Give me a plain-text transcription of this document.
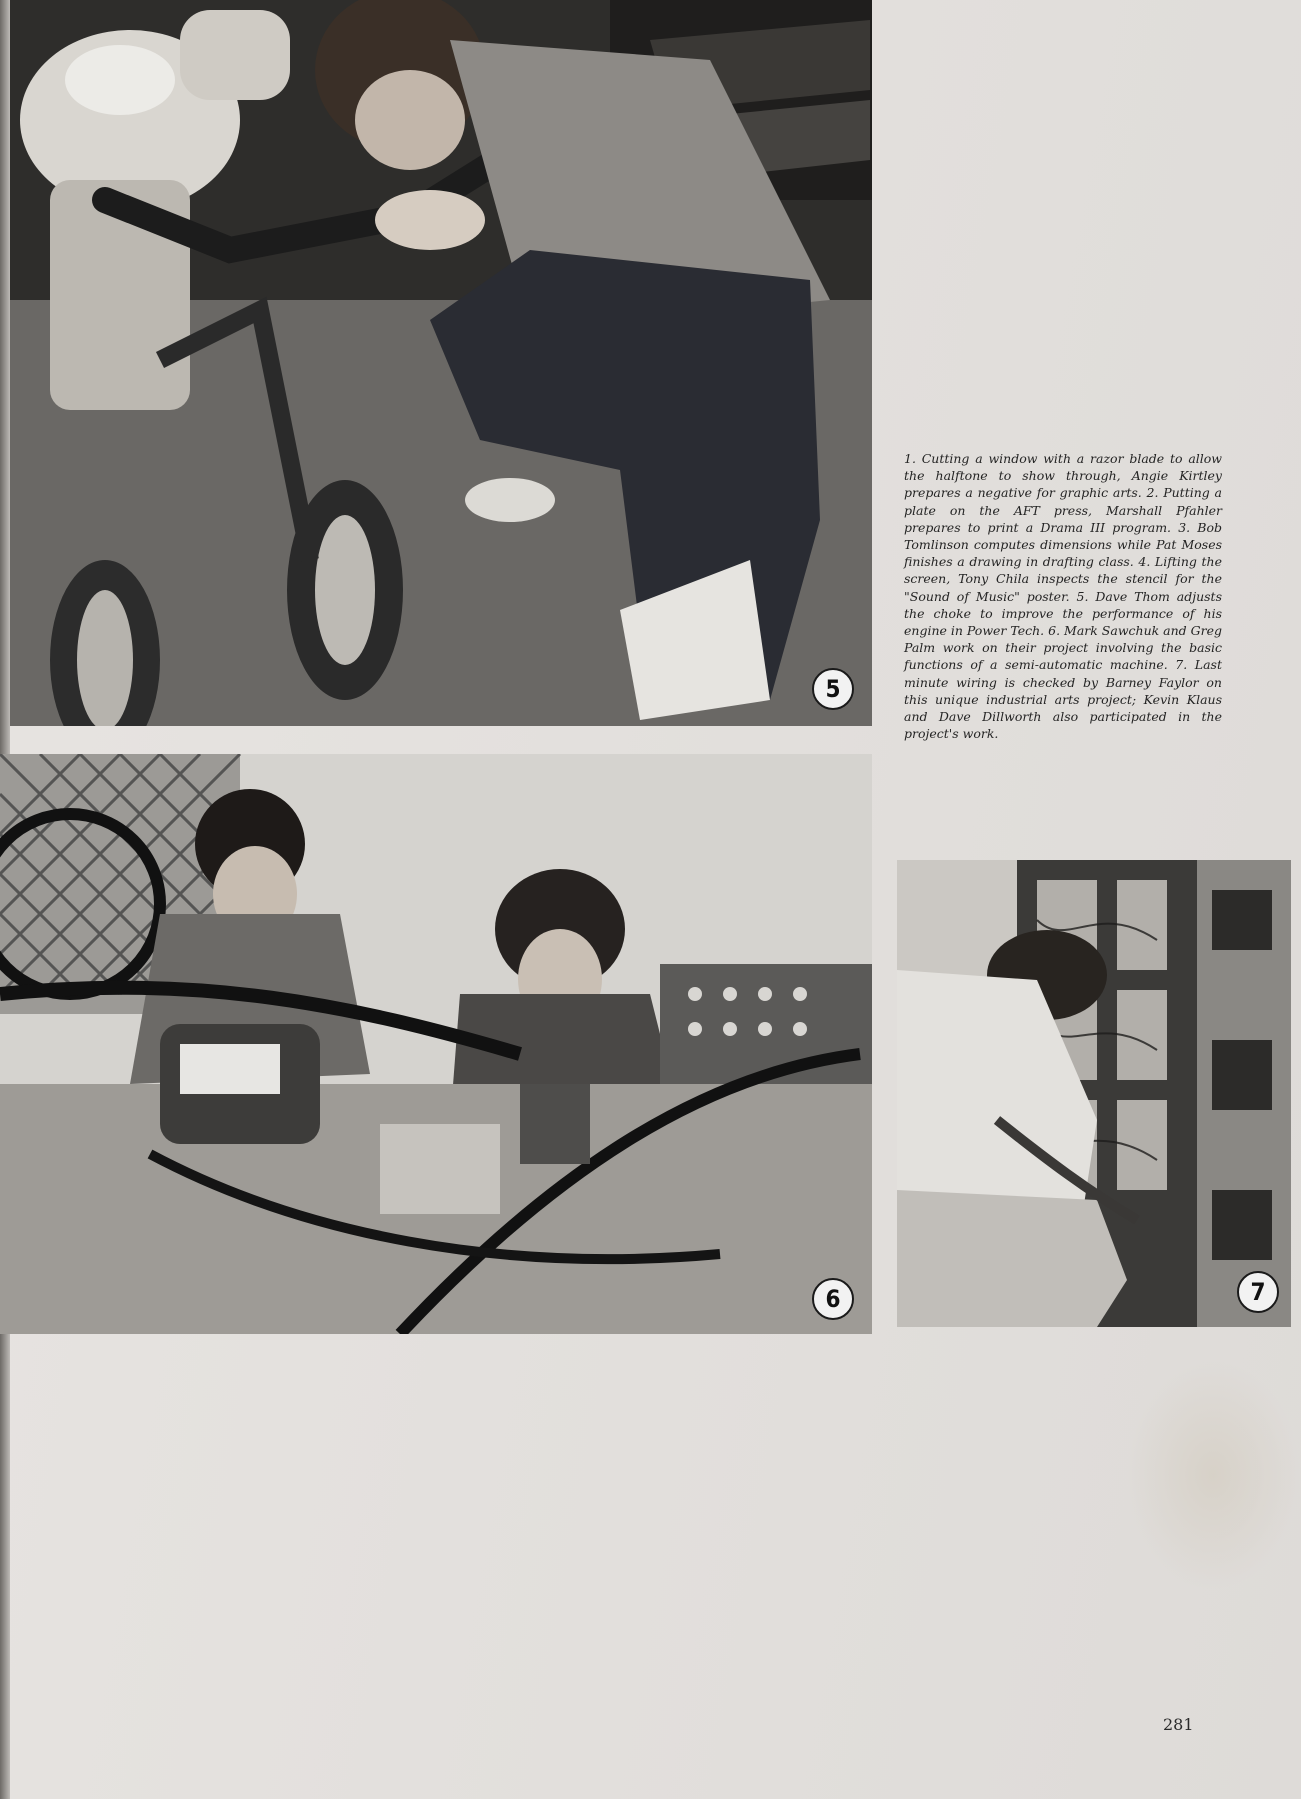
5
6	7

1. Cutting a window with a razor blade to allow the halftone to show through, Angie Kirtley prepares a negative for graphic arts. 2. Putting a plate on the AFT press, Marshall Pfahler prepares to print a Drama III program. 3. Bob Tomlinson computes dimensions while Pat Moses finishes a drawing in drafting class. 4. Lifting the screen, Tony Chila inspects the stencil for the "Sound of Music" poster. 5. Dave Thom adjusts the choke to improve the performance of his engine in Power Tech. 6. Mark Sawchuk and Greg Palm work on their project involving the basic functions of a semi-automatic machine. 7. Last minute wiring is checked by Barney Faylor on this unique industrial arts project; Kevin Klaus and Dave Dillworth also participated in the project's work.

281
